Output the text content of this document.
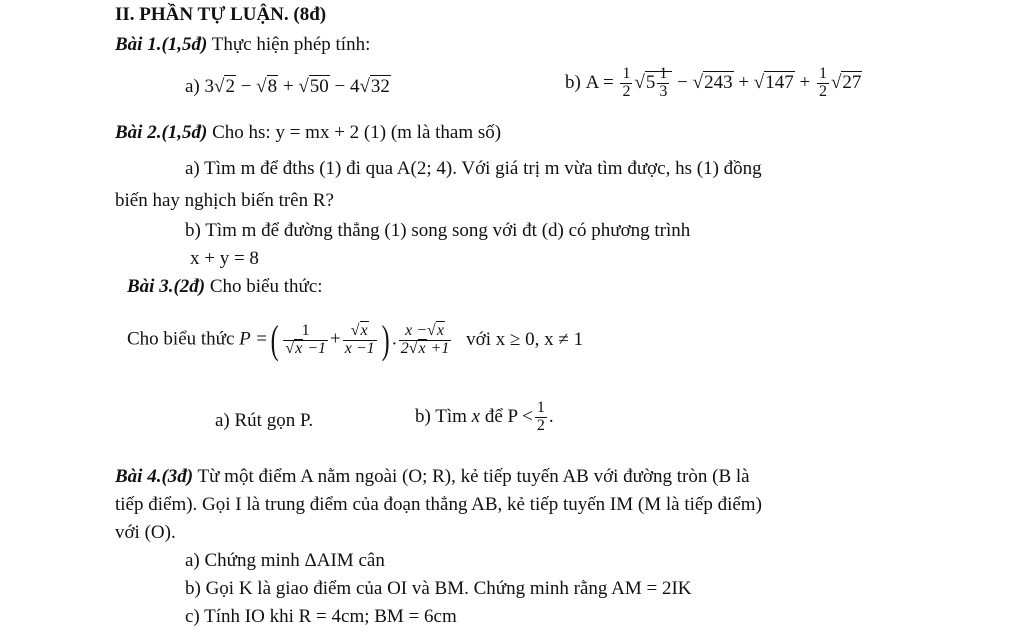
II. PHẦN TỰ LUẬN. (8đ)
Bài 1.(1,5đ) Thực hiện phép tính:
a) 3√2 − √8 + √50 − 4√32	b) $A = \frac{1}{2} √5 \frac{1}{3} - √243 + √147 + \frac{1}{2} √27$
Bài 2.(1,5đ) Cho hs: y = mx + 2 (1) (m là tham số)
a) Tìm m để đths (1) đi qua A(2; 4). Với giá trị m vừa tìm được, hs (1) đồng
biến hay nghịch biến trên R?
b) Tìm m để đường thẳng (1) song song với đt (d) có phương trình
x + y = 8
Bài 3.(2đ) Cho biểu thức:
Cho biểu thức P =( $\frac{1}{√x -1} + \frac{√x}{x -1}$ ) . $\frac{x -√x}{2√x +1}$ với x ≥ 0, x ≠ 1
a) Rút gọn P.	b) Tìm x để $P < \frac{1}{2}$ .
Bài 4.(3đ) Từ một điểm A nằm ngoài (O; R), kẻ tiếp tuyến AB với đường tròn (B là
tiếp điểm). Gọi I là trung điểm của đoạn thẳng AB, kẻ tiếp tuyến IM (M là tiếp điểm)
với (O).
a) Chứng minh ΔAIM cân
b) Gọi K là giao điểm của OI và BM. Chứng minh rằng AM = 2IK
c) Tính IO khi R = 4cm; BM = 6cm
